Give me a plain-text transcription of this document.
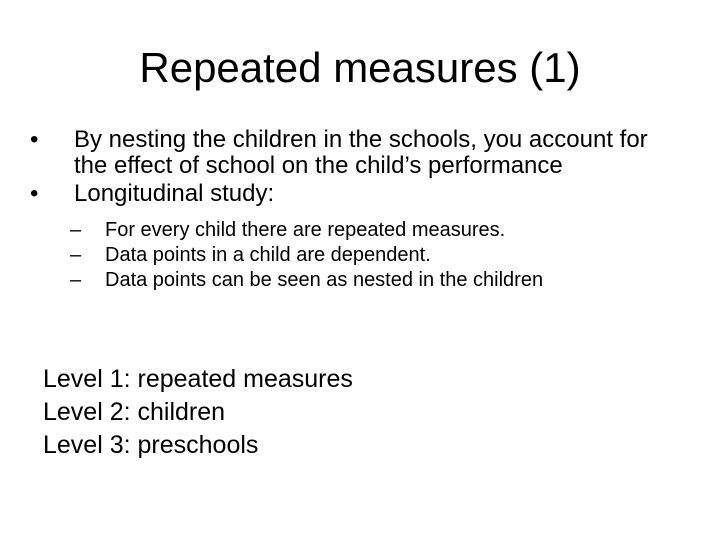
Repeated measures (1)
•	By nesting the children in the schools, you account for the effect of school on the child’s performance
•	Longitudinal study:
–	For every child there are repeated measures.
–	Data points in a child are dependent.
–	Data points can be seen as nested in the children
Level 1: repeated measures
Level 2: children
Level 3: preschools
